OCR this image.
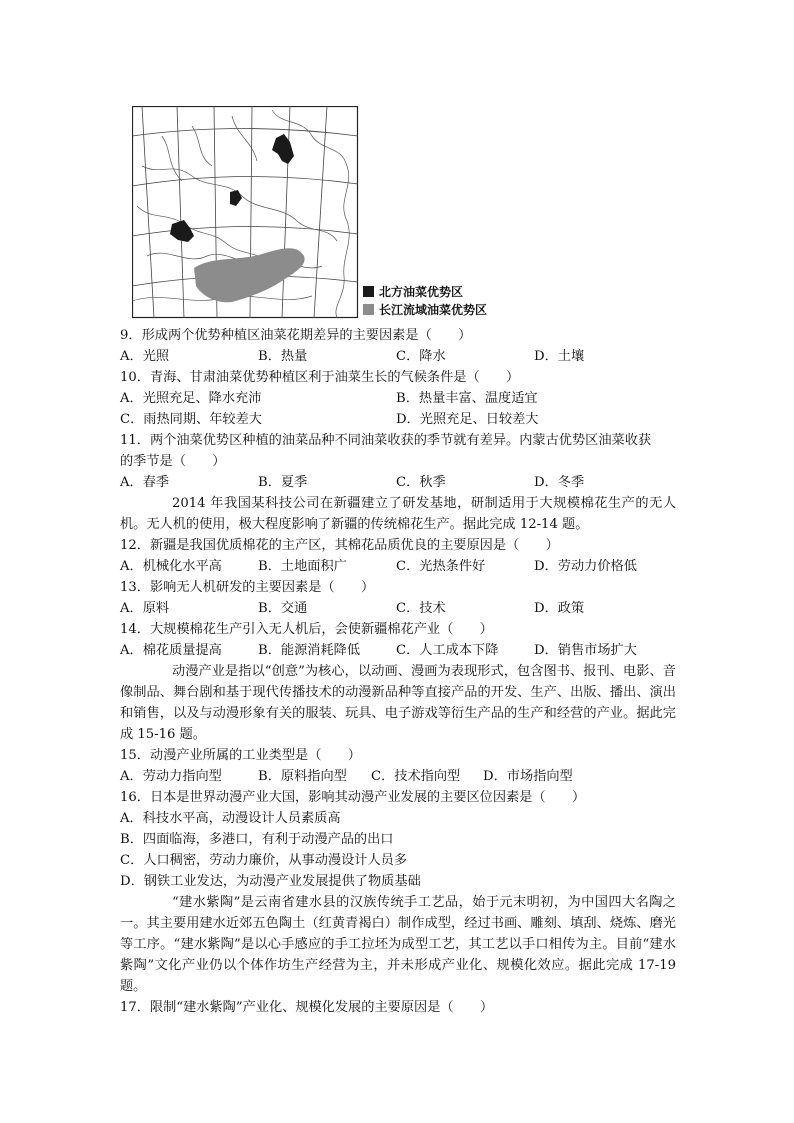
北方油菜优势区
长江流域油菜优势区
9．形成两个优势种植区油菜花期差异的主要因素是（　　）
A．光照	B．热量	C．降水	D．土壤
10．青海、甘肃油菜优势种植区利于油菜生长的气候条件是（　　）
A．光照充足、降水充沛	B．热量丰富、温度适宜
C．雨热同期、年较差大	D．光照充足、日较差大
11．两个油菜优势区种植的油菜品种不同油菜收获的季节就有差异。内蒙古优势区油菜收获
的季节是（　　）
A．春季	B．夏季	C．秋季	D．冬季
2014 年我国某科技公司在新疆建立了研发基地，研制适用于大规模棉花生产的无人机。无人机的使用，极大程度影响了新疆的传统棉花生产。据此完成 12-14 题。
12．新疆是我国优质棉花的主产区，其棉花品质优良的主要原因是（　　）
A．机械化水平高	B．土地面积广	C．光热条件好	D．劳动力价格低
13．影响无人机研发的主要因素是（　　）
A．原料	B．交通	C．技术	D．政策
14．大规模棉花生产引入无人机后，会使新疆棉花产业（　　）
A．棉花质量提高	B．能源消耗降低	C．人工成本下降	D．销售市场扩大
动漫产业是指以“创意”为核心，以动画、漫画为表现形式，包含图书、报刊、电影、音像制品、舞台剧和基于现代传播技术的动漫新品种等直接产品的开发、生产、出版、播出、演出和销售，以及与动漫形象有关的服装、玩具、电子游戏等衍生产品的生产和经营的产业。据此完成 15-16 题。
15．动漫产业所属的工业类型是（　　）
A．劳动力指向型	B．原料指向型 C．技术指向型 D．市场指向型
16．日本是世界动漫产业大国，影响其动漫产业发展的主要区位因素是（　　）
A．科技水平高，动漫设计人员素质高
B．四面临海，多港口，有利于动漫产品的出口
C．人口稠密，劳动力廉价，从事动漫设计人员多
D．钢铁工业发达，为动漫产业发展提供了物质基础
“建水紫陶”是云南省建水县的汉族传统手工艺品，始于元末明初，为中国四大名陶之一。其主要用建水近郊五色陶土（红黄青褐白）制作成型，经过书画、雕刻、填刮、烧炼、磨光等工序。“建水紫陶”是以心手感应的手工拉坯为成型工艺，其工艺以手口相传为主。目前“建水紫陶”文化产业仍以个体作坊生产经营为主，并未形成产业化、规模化效应。据此完成 17-19 题。
17．限制“建水紫陶”产业化、规模化发展的主要原因是（　　）
